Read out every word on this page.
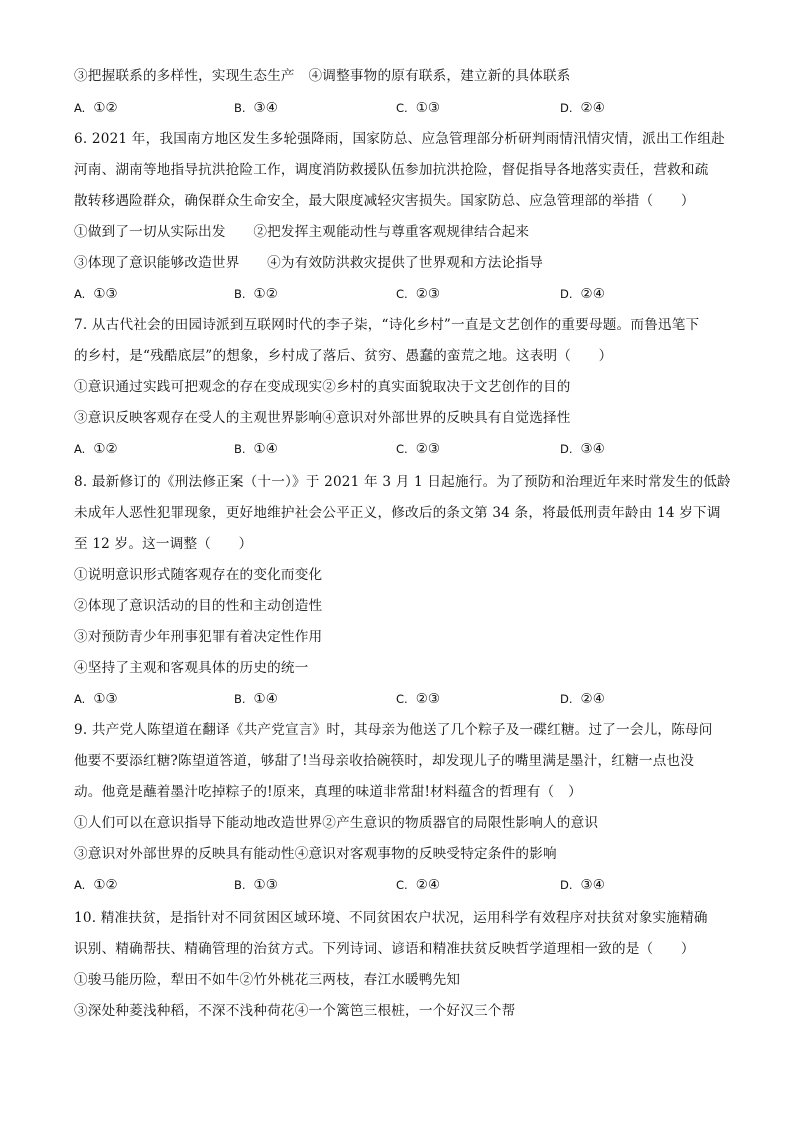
③把握联系的多样性，实现生态生产　④调整事物的原有联系，建立新的具体联系
A. ①②	B. ③④	C. ①③	D. ②④
6. 2021 年，我国南方地区发生多轮强降雨，国家防总、应急管理部分析研判雨情汛情灾情，派出工作组赴
河南、湖南等地指导抗洪抢险工作，调度消防救援队伍参加抗洪抢险，督促指导各地落实责任，营救和疏
散转移遇险群众，确保群众生命安全，最大限度减轻灾害损失。国家防总、应急管理部的举措（　　）
①做到了一切从实际出发　　②把发挥主观能动性与尊重客观规律结合起来
③体现了意识能够改造世界　　④为有效防洪救灾提供了世界观和方法论指导
A. ①③	B. ①②	C. ②③	D. ②④
7. 从古代社会的田园诗派到互联网时代的李子柒，“诗化乡村”一直是文艺创作的重要母题。而鲁迅笔下
的乡村，是“残酷底层”的想象，乡村成了落后、贫穷、愚蠢的蛮荒之地。这表明（　　）
①意识通过实践可把观念的存在变成现实②乡村的真实面貌取决于文艺创作的目的
③意识反映客观存在受人的主观世界影响④意识对外部世界的反映具有自觉选择性
A. ①②	B. ①④	C. ②③	D. ③④
8. 最新修订的《刑法修正案（十一）》于 2021 年 3 月 1 日起施行。为了预防和治理近年来时常发生的低龄
未成年人恶性犯罪现象，更好地维护社会公平正义，修改后的条文第 34 条，将最低刑责年龄由 14 岁下调
至 12 岁。这一调整（　　）
①说明意识形式随客观存在的变化而变化
②体现了意识活动的目的性和主动创造性
③对预防青少年刑事犯罪有着决定性作用
④坚持了主观和客观具体的历史的统一
A. ①③	B. ①④	C. ②③	D. ②④
9. 共产党人陈望道在翻译《共产党宣言》时，其母亲为他送了几个粽子及一碟红糖。过了一会儿，陈母问
他要不要添红糖?陈望道答道，够甜了!当母亲收拾碗筷时，却发现儿子的嘴里满是墨汁，红糖一点也没
动。他竟是蘸着墨汁吃掉粽子的!原来，真理的味道非常甜!材料蕴含的哲理有（　）
①人们可以在意识指导下能动地改造世界②产生意识的物质器官的局限性影响人的意识
③意识对外部世界的反映具有能动性④意识对客观事物的反映受特定条件的影响
A. ①②	B. ①③	C. ②④	D. ③④
10. 精准扶贫，是指针对不同贫困区域环境、不同贫困农户状况，运用科学有效程序对扶贫对象实施精确
识别、精确帮扶、精确管理的治贫方式。下列诗词、谚语和精准扶贫反映哲学道理相一致的是（　　）
①骏马能历险，犁田不如牛②竹外桃花三两枝，春江水暖鸭先知
③深处种菱浅种稻，不深不浅种荷花④一个篱笆三根桩，一个好汉三个帮
